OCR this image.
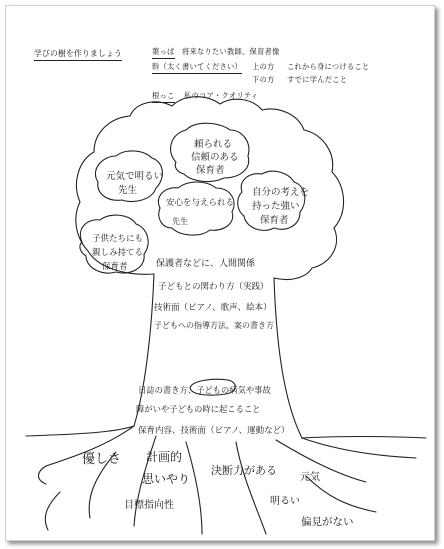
学びの樹を作りましょう	葉っぱ 将来なりたい教師、保育者像
幹（太く書いてください） 上の方 これから身につけること
下の方 すでに学んだこと
根っこ 私のコア・クオリティ
頼られる
信頼のある
保育者
元気で明るい
先生
安心を与えられる
先生
自分の考えを
持った強い
保育者
子供たちにも
親しみ持てる
保育者	保護者などに、人間関係
子どもとの関わり方（実践）
技術面（ピアノ、歌声、絵本）
子どもへの指導方法、案の書き方
日誌の書き方、子どもの病気や事故
障がいや子どもの時に起こること
保育内容、技術面（ピアノ、運動など）
優しさ 計画的
決断力がある
思いやり	元気
目標指向性	明るい
偏見がない
